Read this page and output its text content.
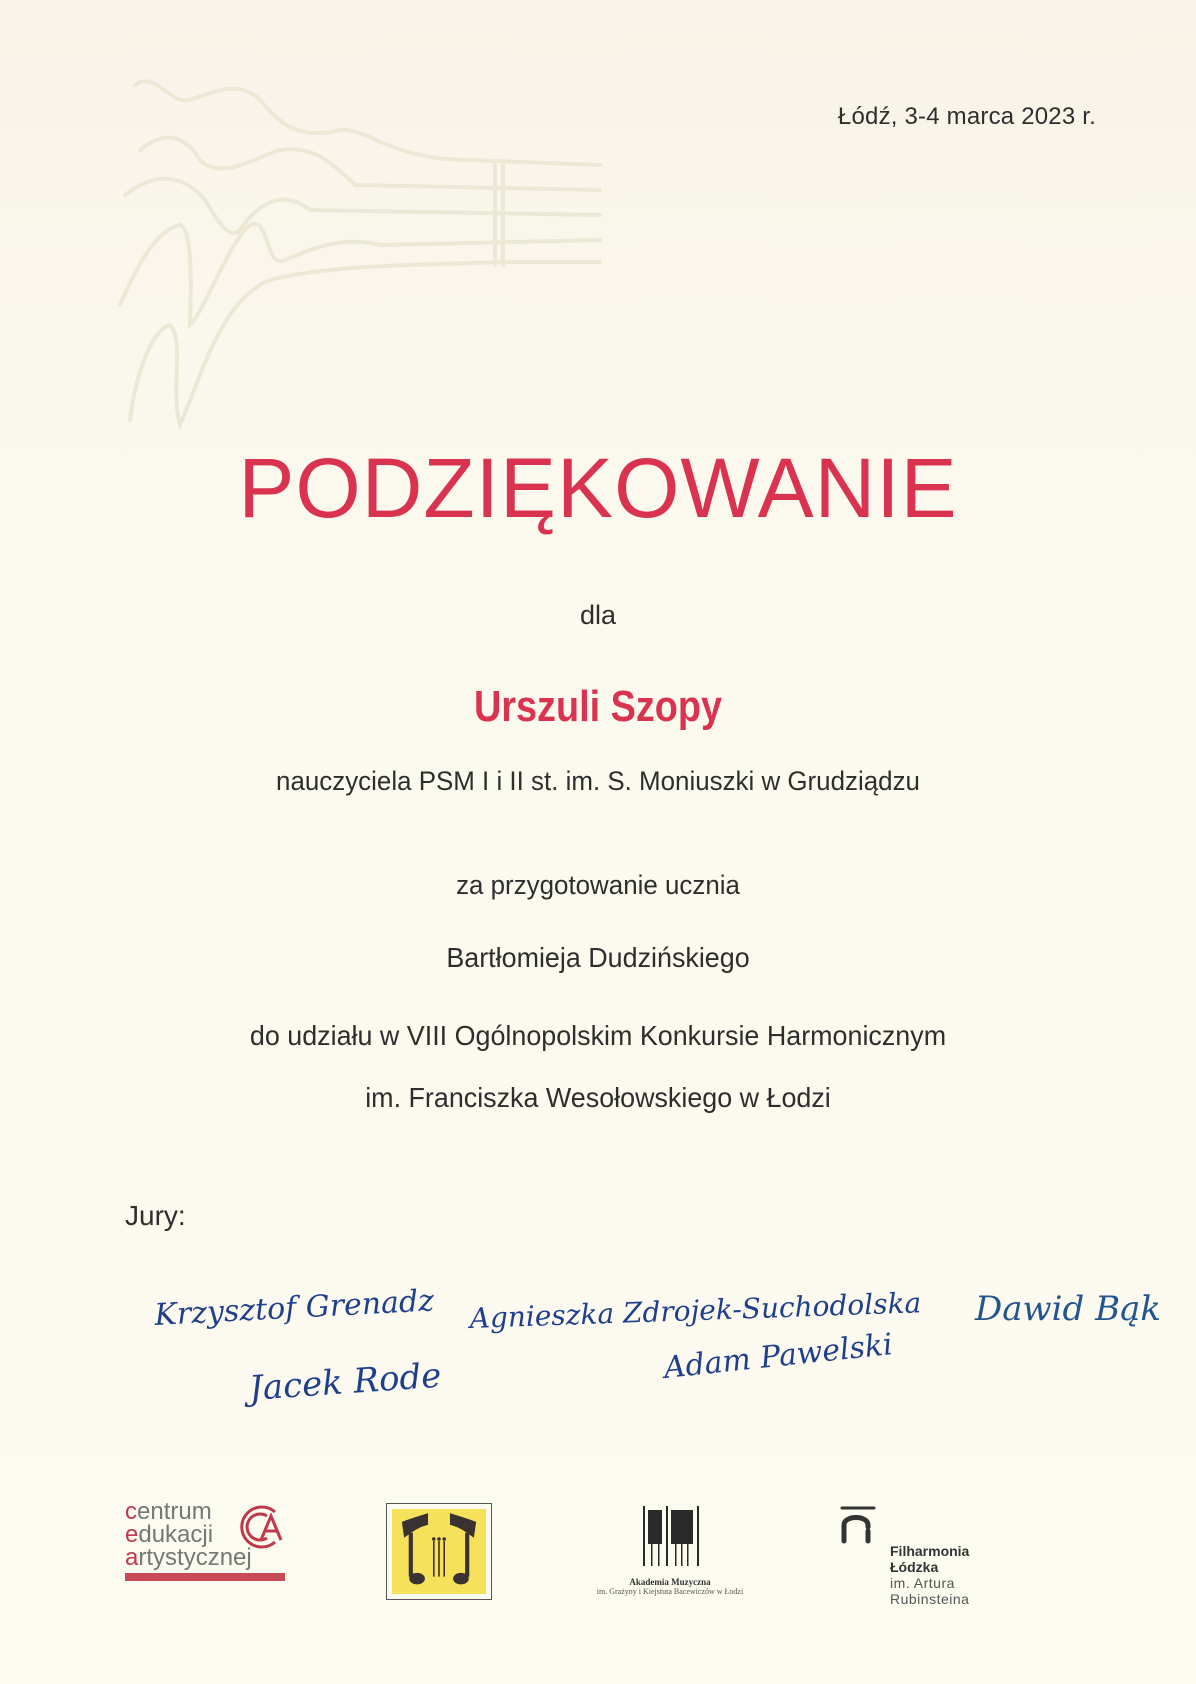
Łódź, 3-4 marca 2023 r.
PODZIĘKOWANIE
dla
Urszuli Szopy
nauczyciela PSM I i II st. im. S. Moniuszki w Grudziądzu
za przygotowanie ucznia
Bartłomieja Dudzińskiego
do udziału w VIII Ogólnopolskim Konkursie Harmonicznym
im. Franciszka Wesołowskiego w Łodzi
Jury:
Krzysztof Grenadz Agnieszka Zdrojek-Suchodolska Dawid Bąk
Jacek Rode	Adam Pawelski
centrum
edukacji
artystycznej
Akademia Muzyczna
im. Grażyny i Kiejstuta Bacewiczów w Łodzi
Filharmonia
Łódzka
im. Artura
Rubinsteina
